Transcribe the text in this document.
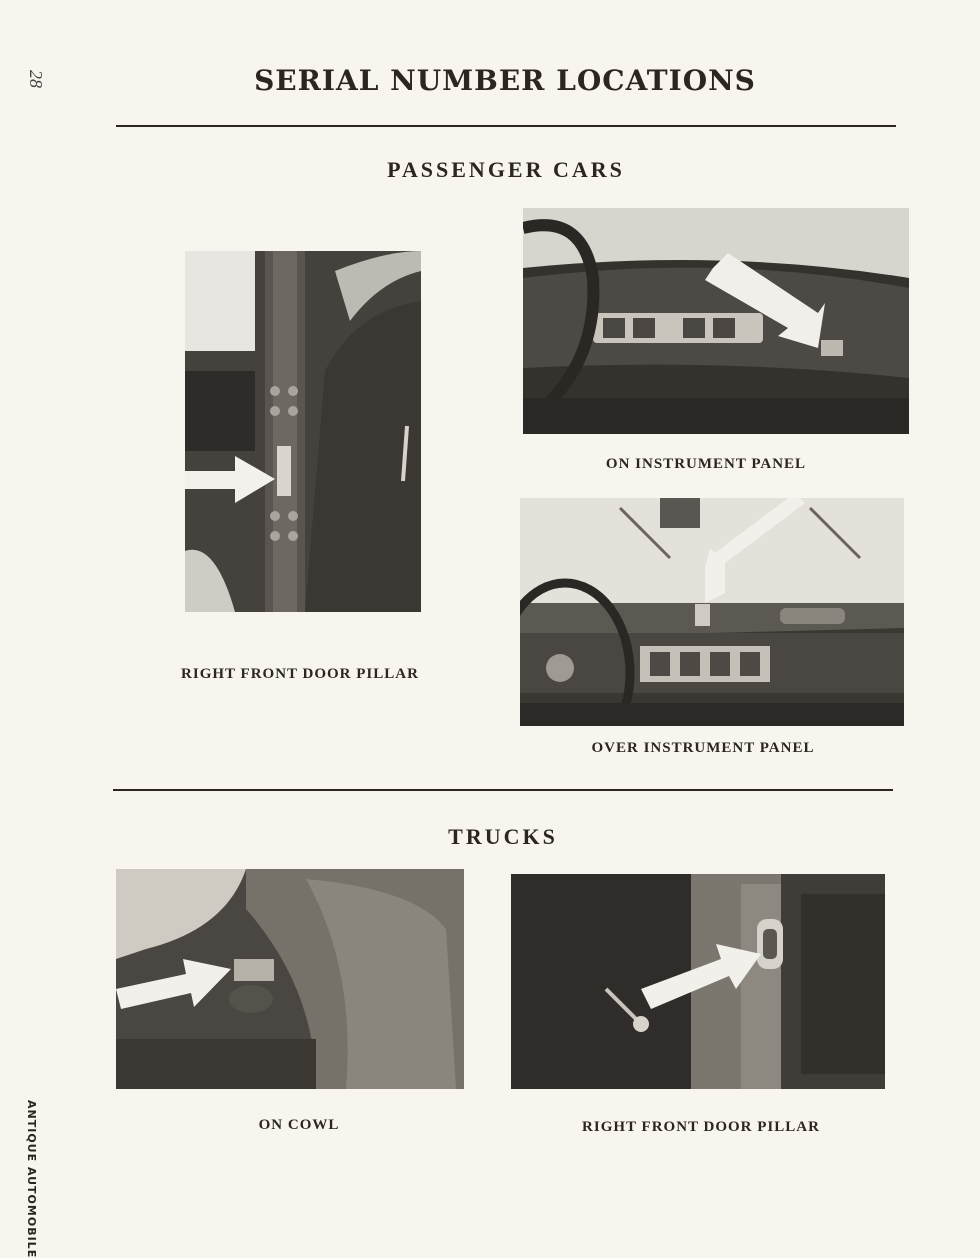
28	SERIAL NUMBER LOCATIONS
PASSENGER CARS
RIGHT FRONT DOOR PILLAR
ON INSTRUMENT PANEL
OVER INSTRUMENT PANEL
TRUCKS
ON COWL	RIGHT FRONT DOOR PILLAR
ANTIQUE AUTOMOBILE
